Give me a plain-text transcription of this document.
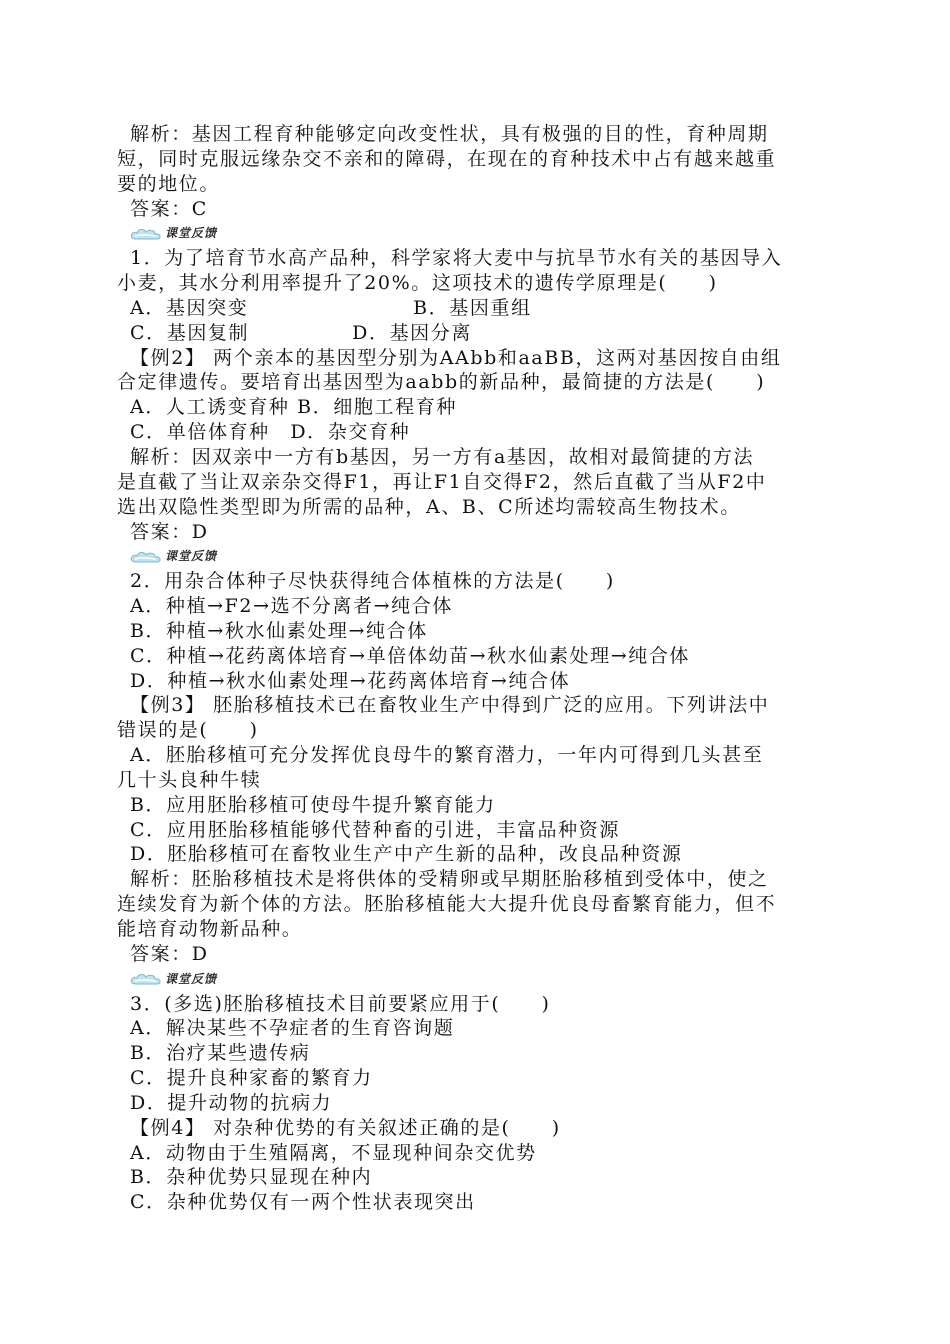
解析：基因工程育种能够定向改变性状，具有极强的目的性，育种周期
短，同时克服远缘杂交不亲和的障碍，在现在的育种技术中占有越来越重
要的地位。
答案：C
课堂反馈
1．为了培育节水高产品种，科学家将大麦中与抗旱节水有关的基因导入
小麦，其水分利用率提升了20%。这项技术的遗传学原理是(　　)
A．基因突变　　　　　　　　B．基因重组
C．基因复制　　　　　D．基因分离
【例2】 两个亲本的基因型分别为AAbb和aaBB，这两对基因按自由组
合定律遗传。要培育出基因型为aabb的新品种，最简捷的方法是(　　)
A．人工诱变育种 B．细胞工程育种
C．单倍体育种　D．杂交育种
解析：因双亲中一方有b基因，另一方有a基因，故相对最简捷的方法
是直截了当让双亲杂交得F1，再让F1自交得F2，然后直截了当从F2中
选出双隐性类型即为所需的品种，A、B、C所述均需较高生物技术。
答案：D
课堂反馈
2．用杂合体种子尽快获得纯合体植株的方法是(　　)
A．种植→F2→选不分离者→纯合体
B．种植→秋水仙素处理→纯合体
C．种植→花药离体培育→单倍体幼苗→秋水仙素处理→纯合体
D．种植→秋水仙素处理→花药离体培育→纯合体
【例3】 胚胎移植技术已在畜牧业生产中得到广泛的应用。下列讲法中
错误的是(　　)
A．胚胎移植可充分发挥优良母牛的繁育潜力，一年内可得到几头甚至
几十头良种牛犊
B．应用胚胎移植可使母牛提升繁育能力
C．应用胚胎移植能够代替种畜的引进，丰富品种资源
D．胚胎移植可在畜牧业生产中产生新的品种，改良品种资源
解析：胚胎移植技术是将供体的受精卵或早期胚胎移植到受体中，使之
连续发育为新个体的方法。胚胎移植能大大提升优良母畜繁育能力，但不
能培育动物新品种。
答案：D
课堂反馈
3．(多选)胚胎移植技术目前要紧应用于(　　)
A．解决某些不孕症者的生育咨询题
B．治疗某些遗传病
C．提升良种家畜的繁育力
D．提升动物的抗病力
【例4】 对杂种优势的有关叙述正确的是(　　)
A．动物由于生殖隔离，不显现种间杂交优势
B．杂种优势只显现在种内
C．杂种优势仅有一两个性状表现突出
